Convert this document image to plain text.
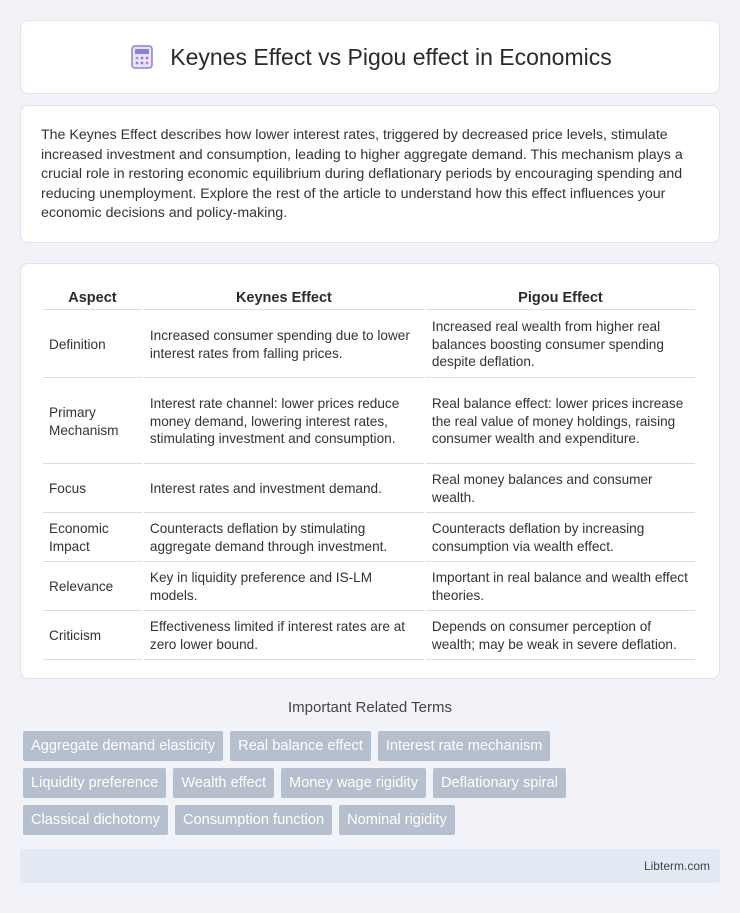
Keynes Effect vs Pigou effect in Economics

The Keynes Effect describes how lower interest rates, triggered by decreased price levels, stimulate increased investment and consumption, leading to higher aggregate demand. This mechanism plays a crucial role in restoring economic equilibrium during deflationary periods by encouraging spending and reducing unemployment. Explore the rest of the article to understand how this effect influences your economic decisions and policy-making.

Aspect	Keynes Effect	Pigou Effect
Definition	Increased consumer spending due to lower interest rates from falling prices.	Increased real wealth from higher real balances boosting consumer spending despite deflation.
Primary Mechanism	Interest rate channel: lower prices reduce money demand, lowering interest rates, stimulating investment and consumption.	Real balance effect: lower prices increase the real value of money holdings, raising consumer wealth and expenditure.
Focus	Interest rates and investment demand.	Real money balances and consumer wealth.
Economic Impact	Counteracts deflation by stimulating aggregate demand through investment.	Counteracts deflation by increasing consumption via wealth effect.
Relevance	Key in liquidity preference and IS-LM models.	Important in real balance and wealth effect theories.
Criticism	Effectiveness limited if interest rates are at zero lower bound.	Depends on consumer perception of wealth; may be weak in severe deflation.
Important Related Terms
Aggregate demand elasticity	Real balance effect	Interest rate mechanism
Liquidity preference	Wealth effect	Money wage rigidity	Deflationary spiral
Classical dichotomy	Consumption function	Nominal rigidity
Libterm.com
